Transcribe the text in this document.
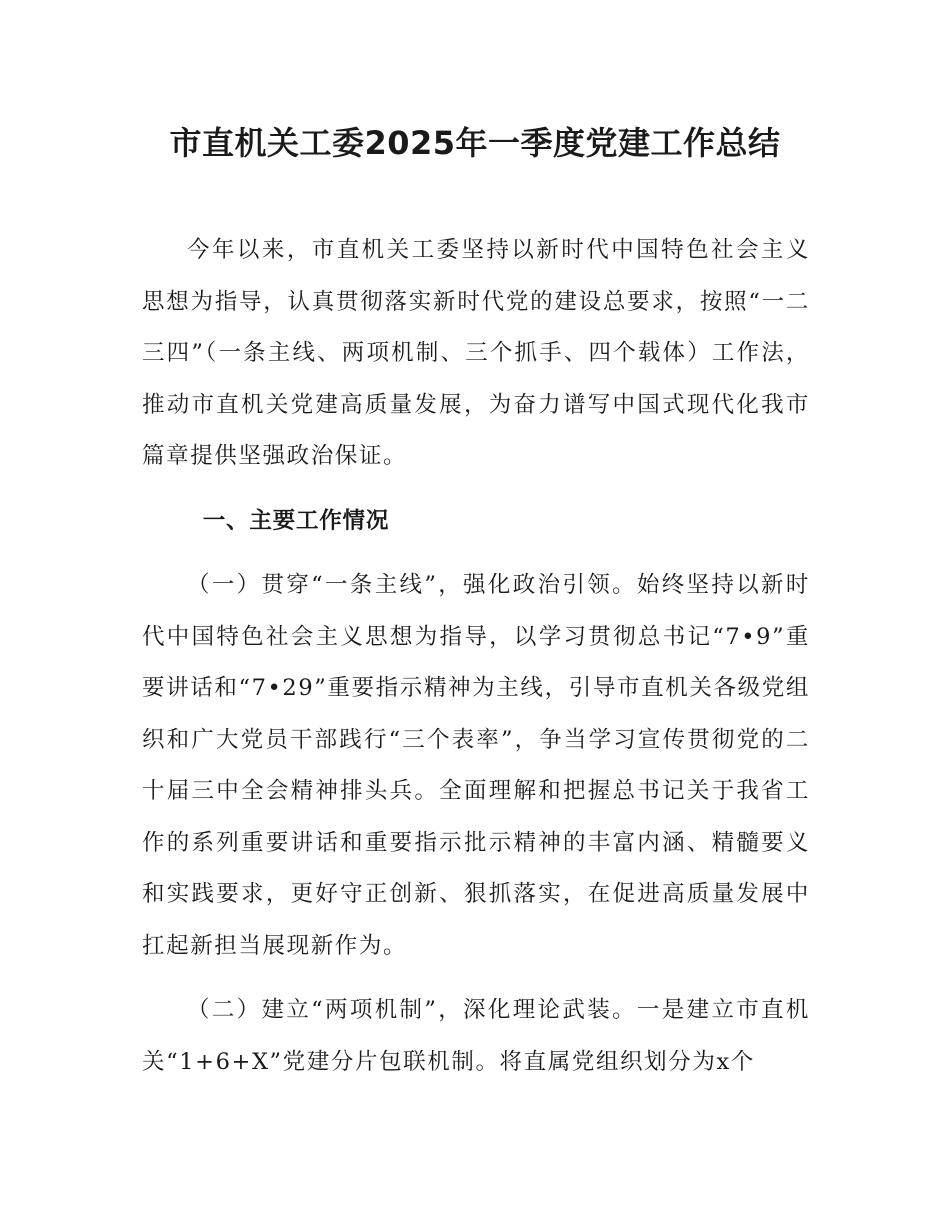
市直机关工委2025年一季度党建工作总结

今年以来，市直机关工委坚持以新时代中国特色社会主义思想为指导，认真贯彻落实新时代党的建设总要求，按照“一二三四”（一条主线、两项机制、三个抓手、四个载体）工作法，推动市直机关党建高质量发展，为奋力谱写中国式现代化我市篇章提供坚强政治保证。

一、主要工作情况

（一）贯穿“一条主线”，强化政治引领。始终坚持以新时代中国特色社会主义思想为指导，以学习贯彻总书记“7•9”重要讲话和“7•29”重要指示精神为主线，引导市直机关各级党组织和广大党员干部践行“三个表率”，争当学习宣传贯彻党的二十届三中全会精神排头兵。全面理解和把握总书记关于我省工作的系列重要讲话和重要指示批示精神的丰富内涵、精髓要义和实践要求，更好守正创新、狠抓落实，在促进高质量发展中扛起新担当展现新作为。

（二）建立“两项机制”，深化理论武装。一是建立市直机关“1+6+X”党建分片包联机制。将直属党组织划分为x个
